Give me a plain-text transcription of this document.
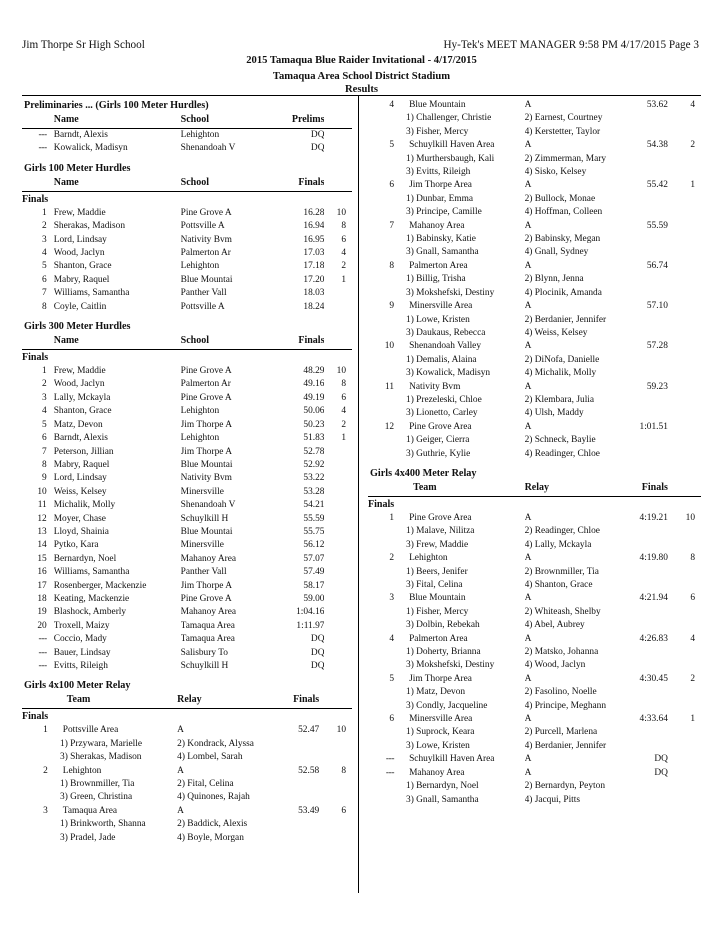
Jim Thorpe Sr High School	Hy-Tek's MEET MANAGER 9:58 PM 4/17/2015 Page 3
2015 Tamaqua Blue Raider Invitational - 4/17/2015
Tamaqua Area School District Stadium
Results
Preliminaries ... (Girls 100 Meter Hurdles)
	Name	School	Prelims	
---	Barndt, Alexis	Lehighton	DQ	
---	Kowalick, Madisyn	Shenandoah V	DQ	
Girls 100 Meter Hurdles
	Name	School	Finals	
Finals				
1	Frew, Maddie	Pine Grove A	16.28	10
2	Sherakas, Madison	Pottsville A	16.94	8
3	Lord, Lindsay	Nativity Bvm	16.95	6
4	Wood, Jaclyn	Palmerton Ar	17.03	4
5	Shanton, Grace	Lehighton	17.18	2
6	Mabry, Raquel	Blue Mountai	17.20	1
7	Williams, Samantha	Panther Vall	18.03	
8	Coyle, Caitlin	Pottsville A	18.24	
Girls 300 Meter Hurdles
	Name	School	Finals	
Finals				
1	Frew, Maddie	Pine Grove A	48.29	10
2	Wood, Jaclyn	Palmerton Ar	49.16	8
3	Lally, Mckayla	Pine Grove A	49.19	6
4	Shanton, Grace	Lehighton	50.06	4
5	Matz, Devon	Jim Thorpe A	50.23	2
6	Barndt, Alexis	Lehighton	51.83	1
7	Peterson, Jillian	Jim Thorpe A	52.78	
8	Mabry, Raquel	Blue Mountai	52.92	
9	Lord, Lindsay	Nativity Bvm	53.22	
10	Weiss, Kelsey	Minersville	53.28	
11	Michalik, Molly	Shenandoah V	54.21	
12	Moyer, Chase	Schuylkill H	55.59	
13	Lloyd, Shainia	Blue Mountai	55.75	
14	Pytko, Kara	Minersville	56.12	
15	Bernardyn, Noel	Mahanoy Area	57.07	
16	Williams, Samantha	Panther Vall	57.49	
17	Rosenberger, Mackenzie	Jim Thorpe A	58.17	
18	Keating, Mackenzie	Pine Grove A	59.00	
19	Blashock, Amberly	Mahanoy Area	1:04.16	
20	Troxell, Maizy	Tamaqua Area	1:11.97	
---	Coccio, Mady	Tamaqua Area	DQ	
---	Bauer, Lindsay	Salisbury To	DQ	
---	Evitts, Rileigh	Schuylkill H	DQ	
Girls 4x100 Meter Relay
	Team	Relay	Finals	
Finals				
1	Pottsville Area	A	52.47	10
1) Przywara, Marielle		2) Kondrack, Alyssa		
3) Sherakas, Madison		4) Lombel, Sarah		
2	Lehighton	A	52.58	8
1) Brownmiller, Tia		2) Fital, Celina		
3) Green, Christina		4) Quinones, Rajah		
3	Tamaqua Area	A	53.49	6
1) Brinkworth, Shanna		2) Baddick, Alexis		
3) Pradel, Jade		4) Boyle, Morgan		
4	Blue Mountain	A	53.62	4
1) Challenger, Christie		2) Earnest, Courtney		
3) Fisher, Mercy		4) Kerstetter, Taylor		
5	Schuylkill Haven Area	A	54.38	2
1) Murthersbaugh, Kali		2) Zimmerman, Mary		
3) Evitts, Rileigh		4) Sisko, Kelsey		
6	Jim Thorpe Area	A	55.42	1
1) Dunbar, Emma		2) Bullock, Monae		
3) Principe, Camille		4) Hoffman, Colleen		
7	Mahanoy Area	A	55.59	
1) Babinsky, Katie		2) Babinsky, Megan		
3) Gnall, Samantha		4) Gnall, Sydney		
8	Palmerton Area	A	56.74	
1) Billig, Trisha		2) Blynn, Jenna		
3) Mokshefski, Destiny		4) Plocinik, Amanda		
9	Minersville Area	A	57.10	
1) Lowe, Kristen		2) Berdanier, Jennifer		
3) Daukaus, Rebecca		4) Weiss, Kelsey		
10	Shenandoah Valley	A	57.28	
1) Demalis, Alaina		2) DiNofa, Danielle		
3) Kowalick, Madisyn		4) Michalik, Molly		
11	Nativity Bvm	A	59.23	
1) Prezeleski, Chloe		2) Klembara, Julia		
3) Lionetto, Carley		4) Ulsh, Maddy		
12	Pine Grove Area	A	1:01.51	
1) Geiger, Cierra		2) Schneck, Baylie		
3) Guthrie, Kylie		4) Readinger, Chloe		
Girls 4x400 Meter Relay
	Team	Relay	Finals	
Finals				
1	Pine Grove Area	A	4:19.21	10
1) Malave, Nilitza		2) Readinger, Chloe		
3) Frew, Maddie		4) Lally, Mckayla		
2	Lehighton	A	4:19.80	8
1) Beers, Jenifer		2) Brownmiller, Tia		
3) Fital, Celina		4) Shanton, Grace		
3	Blue Mountain	A	4:21.94	6
1) Fisher, Mercy		2) Whiteash, Shelby		
3) Dolbin, Rebekah		4) Abel, Aubrey		
4	Palmerton Area	A	4:26.83	4
1) Doherty, Brianna		2) Matsko, Johanna		
3) Mokshefski, Destiny		4) Wood, Jaclyn		
5	Jim Thorpe Area	A	4:30.45	2
1) Matz, Devon		2) Fasolino, Noelle		
3) Condly, Jacqueline		4) Principe, Meghann		
6	Minersville Area	A	4:33.64	1
1) Suprock, Keara		2) Purcell, Marlena		
3) Lowe, Kristen		4) Berdanier, Jennifer		
---	Schuylkill Haven Area	A	DQ	
---	Mahanoy Area	A	DQ	
1) Bernardyn, Noel		2) Bernardyn, Peyton		
3) Gnall, Samantha		4) Jacqui, Pitts		
